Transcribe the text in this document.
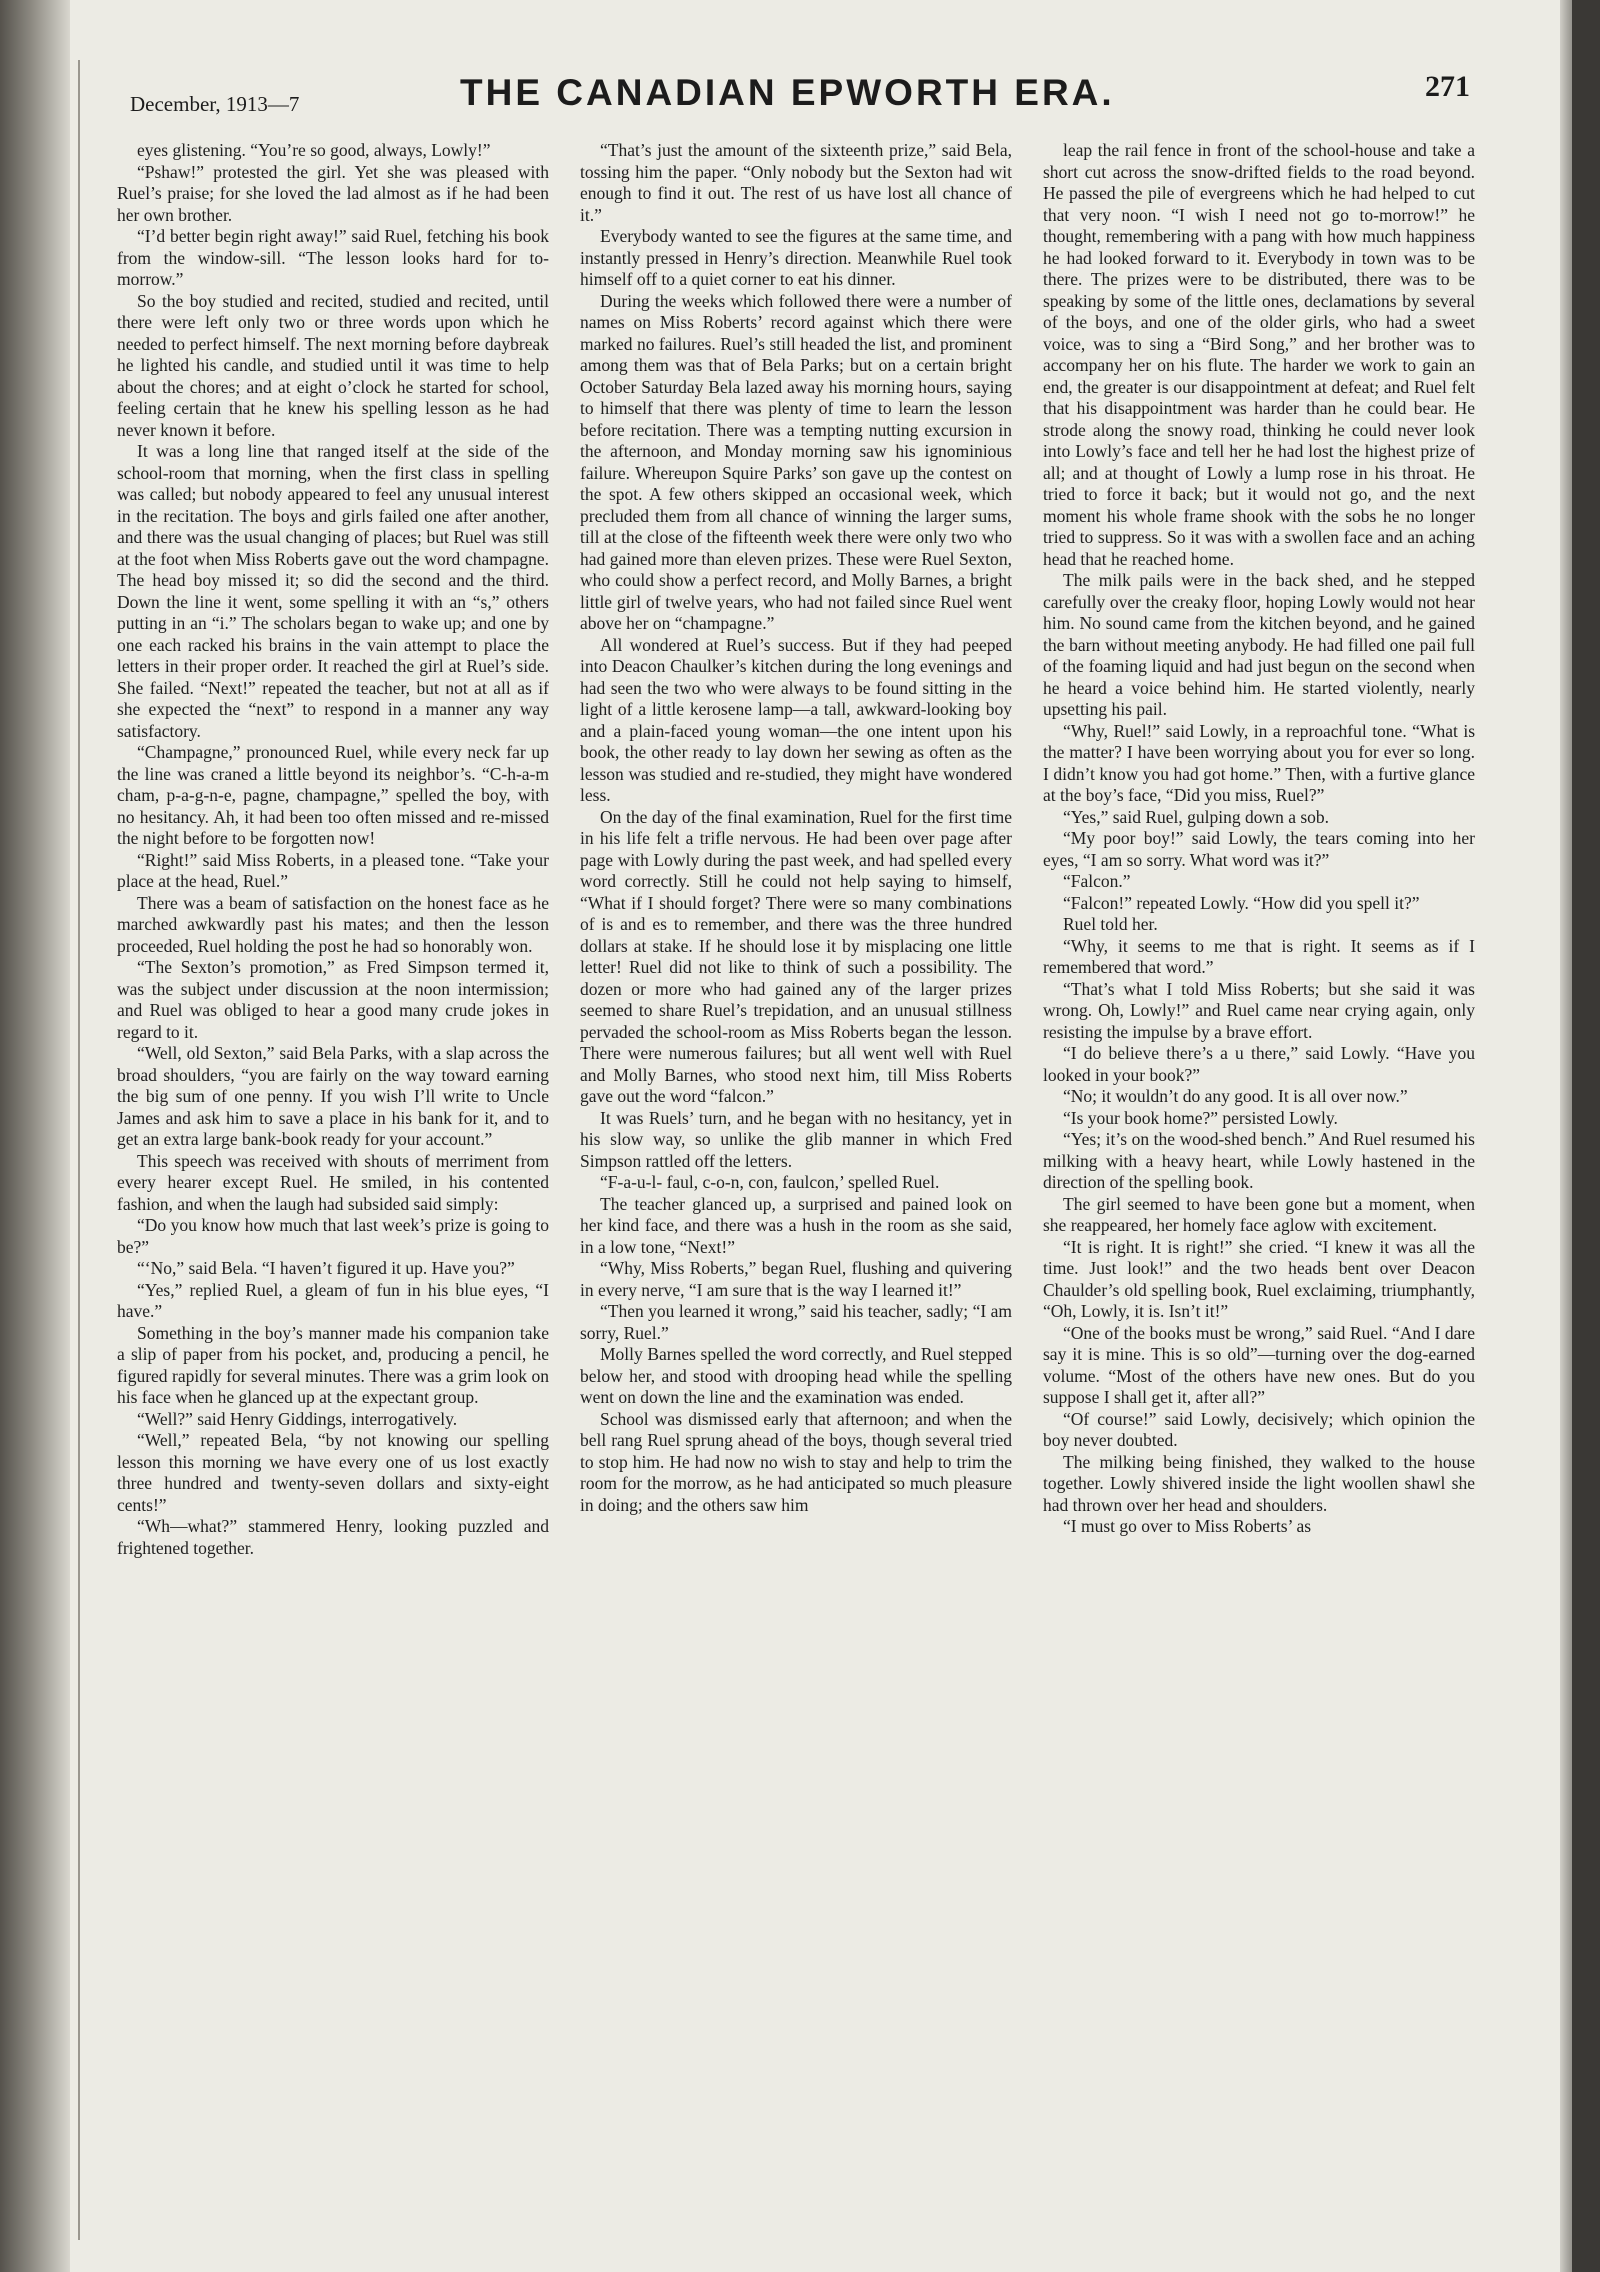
December, 1913—7	THE CANADIAN EPWORTH ERA.	271

eyes glistening. “You’re so good, always, Lowly!”

“Pshaw!” protested the girl. Yet she was pleased with Ruel’s praise; for she loved the lad almost as if he had been her own brother.

“I’d better begin right away!” said Ruel, fetching his book from the window-sill. “The lesson looks hard for to-morrow.”

So the boy studied and recited, studied and recited, until there were left only two or three words upon which he needed to perfect himself. The next morning before daybreak he lighted his candle, and studied until it was time to help about the chores; and at eight o’clock he started for school, feeling certain that he knew his spelling lesson as he had never known it before.

It was a long line that ranged itself at the side of the school-room that morning, when the first class in spelling was called; but nobody appeared to feel any unusual interest in the recitation. The boys and girls failed one after another, and there was the usual changing of places; but Ruel was still at the foot when Miss Roberts gave out the word champagne. The head boy missed it; so did the second and the third. Down the line it went, some spelling it with an “s,” others putting in an “i.” The scholars began to wake up; and one by one each racked his brains in the vain attempt to place the letters in their proper order. It reached the girl at Ruel’s side. She failed. “Next!” repeated the teacher, but not at all as if she expected the “next” to respond in a manner any way satisfactory.

“Champagne,” pronounced Ruel, while every neck far up the line was craned a little beyond its neighbor’s. “C-h-a-m cham, p-a-g-n-e, pagne, champagne,” spelled the boy, with no hesitancy. Ah, it had been too often missed and re-missed the night before to be forgotten now!

“Right!” said Miss Roberts, in a pleased tone. “Take your place at the head, Ruel.”

There was a beam of satisfaction on the honest face as he marched awkwardly past his mates; and then the lesson proceeded, Ruel holding the post he had so honorably won.

“The Sexton’s promotion,” as Fred Simpson termed it, was the subject under discussion at the noon intermission; and Ruel was obliged to hear a good many crude jokes in regard to it.

“Well, old Sexton,” said Bela Parks, with a slap across the broad shoulders, “you are fairly on the way toward earning the big sum of one penny. If you wish I’ll write to Uncle James and ask him to save a place in his bank for it, and to get an extra large bank-book ready for your account.”

This speech was received with shouts of merriment from every hearer except Ruel. He smiled, in his contented fashion, and when the laugh had subsided said simply:

“Do you know how much that last week’s prize is going to be?”

“‘No,” said Bela. “I haven’t figured it up. Have you?”

“Yes,” replied Ruel, a gleam of fun in his blue eyes, “I have.”

Something in the boy’s manner made his companion take a slip of paper from his pocket, and, producing a pencil, he figured rapidly for several minutes. There was a grim look on his face when he glanced up at the expectant group.

“Well?” said Henry Giddings, interrogatively.

“Well,” repeated Bela, “by not knowing our spelling lesson this morning we have every one of us lost exactly three hundred and twenty-seven dollars and sixty-eight cents!”

“Wh—what?” stammered Henry, looking puzzled and frightened together.

“That’s just the amount of the sixteenth prize,” said Bela, tossing him the paper. “Only nobody but the Sexton had wit enough to find it out. The rest of us have lost all chance of it.”

Everybody wanted to see the figures at the same time, and instantly pressed in Henry’s direction. Meanwhile Ruel took himself off to a quiet corner to eat his dinner.

During the weeks which followed there were a number of names on Miss Roberts’ record against which there were marked no failures. Ruel’s still headed the list, and prominent among them was that of Bela Parks; but on a certain bright October Saturday Bela lazed away his morning hours, saying to himself that there was plenty of time to learn the lesson before recitation. There was a tempting nutting excursion in the afternoon, and Monday morning saw his ignominious failure. Whereupon Squire Parks’ son gave up the contest on the spot. A few others skipped an occasional week, which precluded them from all chance of winning the larger sums, till at the close of the fifteenth week there were only two who had gained more than eleven prizes. These were Ruel Sexton, who could show a perfect record, and Molly Barnes, a bright little girl of twelve years, who had not failed since Ruel went above her on “champagne.”

All wondered at Ruel’s success. But if they had peeped into Deacon Chaulker’s kitchen during the long evenings and had seen the two who were always to be found sitting in the light of a little kerosene lamp—a tall, awkward-looking boy and a plain-faced young woman—the one intent upon his book, the other ready to lay down her sewing as often as the lesson was studied and re-studied, they might have wondered less.

On the day of the final examination, Ruel for the first time in his life felt a trifle nervous. He had been over page after page with Lowly during the past week, and had spelled every word correctly. Still he could not help saying to himself, “What if I should forget? There were so many combinations of is and es to remember, and there was the three hundred dollars at stake. If he should lose it by misplacing one little letter! Ruel did not like to think of such a possibility. The dozen or more who had gained any of the larger prizes seemed to share Ruel’s trepidation, and an unusual stillness pervaded the school-room as Miss Roberts began the lesson. There were numerous failures; but all went well with Ruel and Molly Barnes, who stood next him, till Miss Roberts gave out the word “falcon.”

It was Ruels’ turn, and he began with no hesitancy, yet in his slow way, so unlike the glib manner in which Fred Simpson rattled off the letters.

“F-a-u-l- faul, c-o-n, con, faulcon,’ spelled Ruel.

The teacher glanced up, a surprised and pained look on her kind face, and there was a hush in the room as she said, in a low tone, “Next!”

“Why, Miss Roberts,” began Ruel, flushing and quivering in every nerve, “I am sure that is the way I learned it!”

“Then you learned it wrong,” said his teacher, sadly; “I am sorry, Ruel.”

Molly Barnes spelled the word correctly, and Ruel stepped below her, and stood with drooping head while the spelling went on down the line and the examination was ended.

School was dismissed early that afternoon; and when the bell rang Ruel sprung ahead of the boys, though several tried to stop him. He had now no wish to stay and help to trim the room for the morrow, as he had anticipated so much pleasure in doing; and the others saw him

leap the rail fence in front of the school-house and take a short cut across the snow-drifted fields to the road beyond. He passed the pile of evergreens which he had helped to cut that very noon. “I wish I need not go to-morrow!” he thought, remembering with a pang with how much happiness he had looked forward to it. Everybody in town was to be there. The prizes were to be distributed, there was to be speaking by some of the little ones, declamations by several of the boys, and one of the older girls, who had a sweet voice, was to sing a “Bird Song,” and her brother was to accompany her on his flute. The harder we work to gain an end, the greater is our disappointment at defeat; and Ruel felt that his disappointment was harder than he could bear. He strode along the snowy road, thinking he could never look into Lowly’s face and tell her he had lost the highest prize of all; and at thought of Lowly a lump rose in his throat. He tried to force it back; but it would not go, and the next moment his whole frame shook with the sobs he no longer tried to suppress. So it was with a swollen face and an aching head that he reached home.

The milk pails were in the back shed, and he stepped carefully over the creaky floor, hoping Lowly would not hear him. No sound came from the kitchen beyond, and he gained the barn without meeting anybody. He had filled one pail full of the foaming liquid and had just begun on the second when he heard a voice behind him. He started violently, nearly upsetting his pail.

“Why, Ruel!” said Lowly, in a reproachful tone. “What is the matter? I have been worrying about you for ever so long. I didn’t know you had got home.” Then, with a furtive glance at the boy’s face, “Did you miss, Ruel?”

“Yes,” said Ruel, gulping down a sob.

“My poor boy!” said Lowly, the tears coming into her eyes, “I am so sorry. What word was it?”

“Falcon.”

“Falcon!” repeated Lowly. “How did you spell it?”

Ruel told her.

“Why, it seems to me that is right. It seems as if I remembered that word.”

“That’s what I told Miss Roberts; but she said it was wrong. Oh, Lowly!” and Ruel came near crying again, only resisting the impulse by a brave effort.

“I do believe there’s a u there,” said Lowly. “Have you looked in your book?”

“No; it wouldn’t do any good. It is all over now.”

“Is your book home?” persisted Lowly.

“Yes; it’s on the wood-shed bench.” And Ruel resumed his milking with a heavy heart, while Lowly hastened in the direction of the spelling book.

The girl seemed to have been gone but a moment, when she reappeared, her homely face aglow with excitement.

“It is right. It is right!” she cried. “I knew it was all the time. Just look!” and the two heads bent over Deacon Chaulder’s old spelling book, Ruel exclaiming, triumphantly, “Oh, Lowly, it is. Isn’t it!”

“One of the books must be wrong,” said Ruel. “And I dare say it is mine. This is so old”—turning over the dog-earned volume. “Most of the others have new ones. But do you suppose I shall get it, after all?”

“Of course!” said Lowly, decisively; which opinion the boy never doubted.

The milking being finished, they walked to the house together. Lowly shivered inside the light woollen shawl she had thrown over her head and shoulders.

“I must go over to Miss Roberts’ as
